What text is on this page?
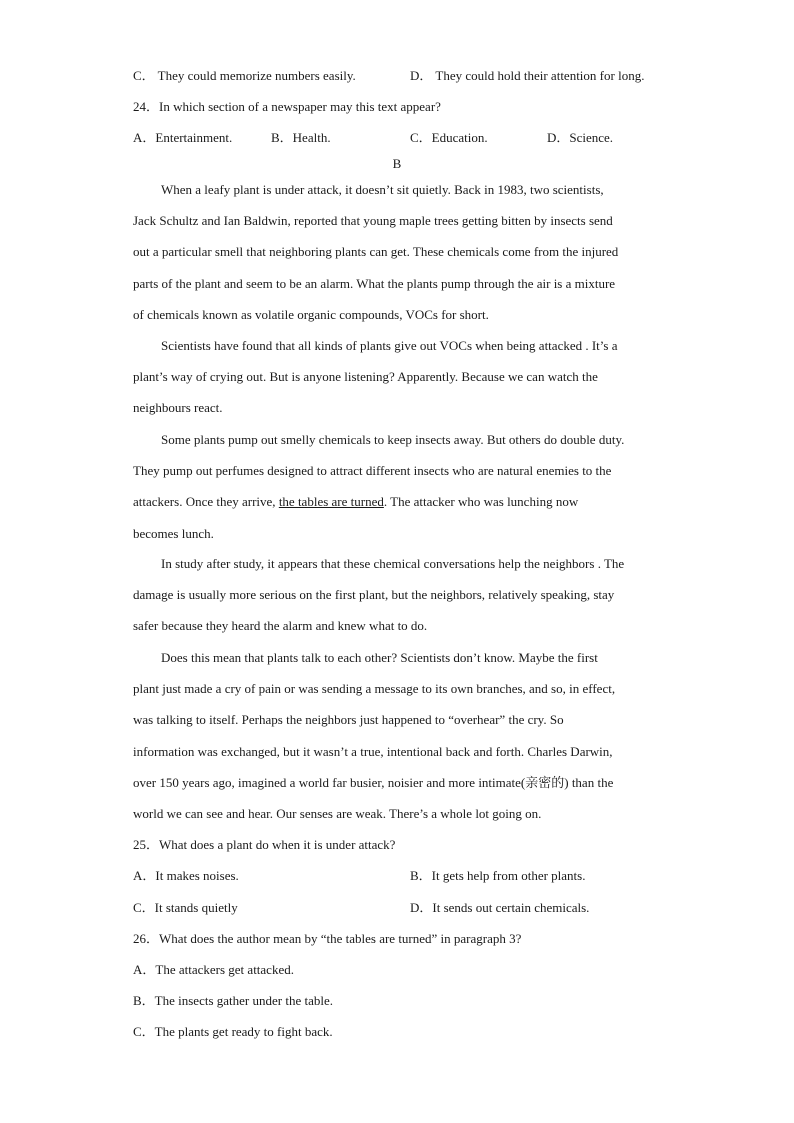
C． They could memorize numbers easily.	D． They could hold their attention for long.
24．In which section of a newspaper may this text appear?
A．Entertainment.	B．Health.	C．Education.	D．Science.
B
When a leafy plant is under attack, it doesn’t sit quietly. Back in 1983, two scientists,
Jack Schultz and Ian Baldwin, reported that young maple trees getting bitten by insects send
out a particular smell that neighboring plants can get. These chemicals come from the injured
parts of the plant and seem to be an alarm. What the plants pump through the air is a mixture
of chemicals known as volatile organic compounds, VOCs for short.
Scientists have found that all kinds of plants give out VOCs when being attacked . It’s a
plant’s way of crying out. But is anyone listening? Apparently. Because we can watch the
neighbours react.
Some plants pump out smelly chemicals to keep insects away. But others do double duty.
They pump out perfumes designed to attract different insects who are natural enemies to the
attackers. Once they arrive, the tables are turned. The attacker who was lunching now
becomes lunch.
In study after study, it appears that these chemical conversations help the neighbors . The
damage is usually more serious on the first plant, but the neighbors, relatively speaking, stay
safer because they heard the alarm and knew what to do.
Does this mean that plants talk to each other? Scientists don’t know. Maybe the first
plant just made a cry of pain or was sending a message to its own branches, and so, in effect,
was talking to itself. Perhaps the neighbors just happened to “overhear” the cry. So
information was exchanged, but it wasn’t a true, intentional back and forth. Charles Darwin,
over 150 years ago, imagined a world far busier, noisier and more intimate(亲密的) than the
world we can see and hear. Our senses are weak. There’s a whole lot going on.
25．What does a plant do when it is under attack?
A．It makes noises.	B．It gets help from other plants.
C．It stands quietly	D．It sends out certain chemicals.
26．What does the author mean by “the tables are turned” in paragraph 3?
A．The attackers get attacked.
B．The insects gather under the table.
C．The plants get ready to fight back.
